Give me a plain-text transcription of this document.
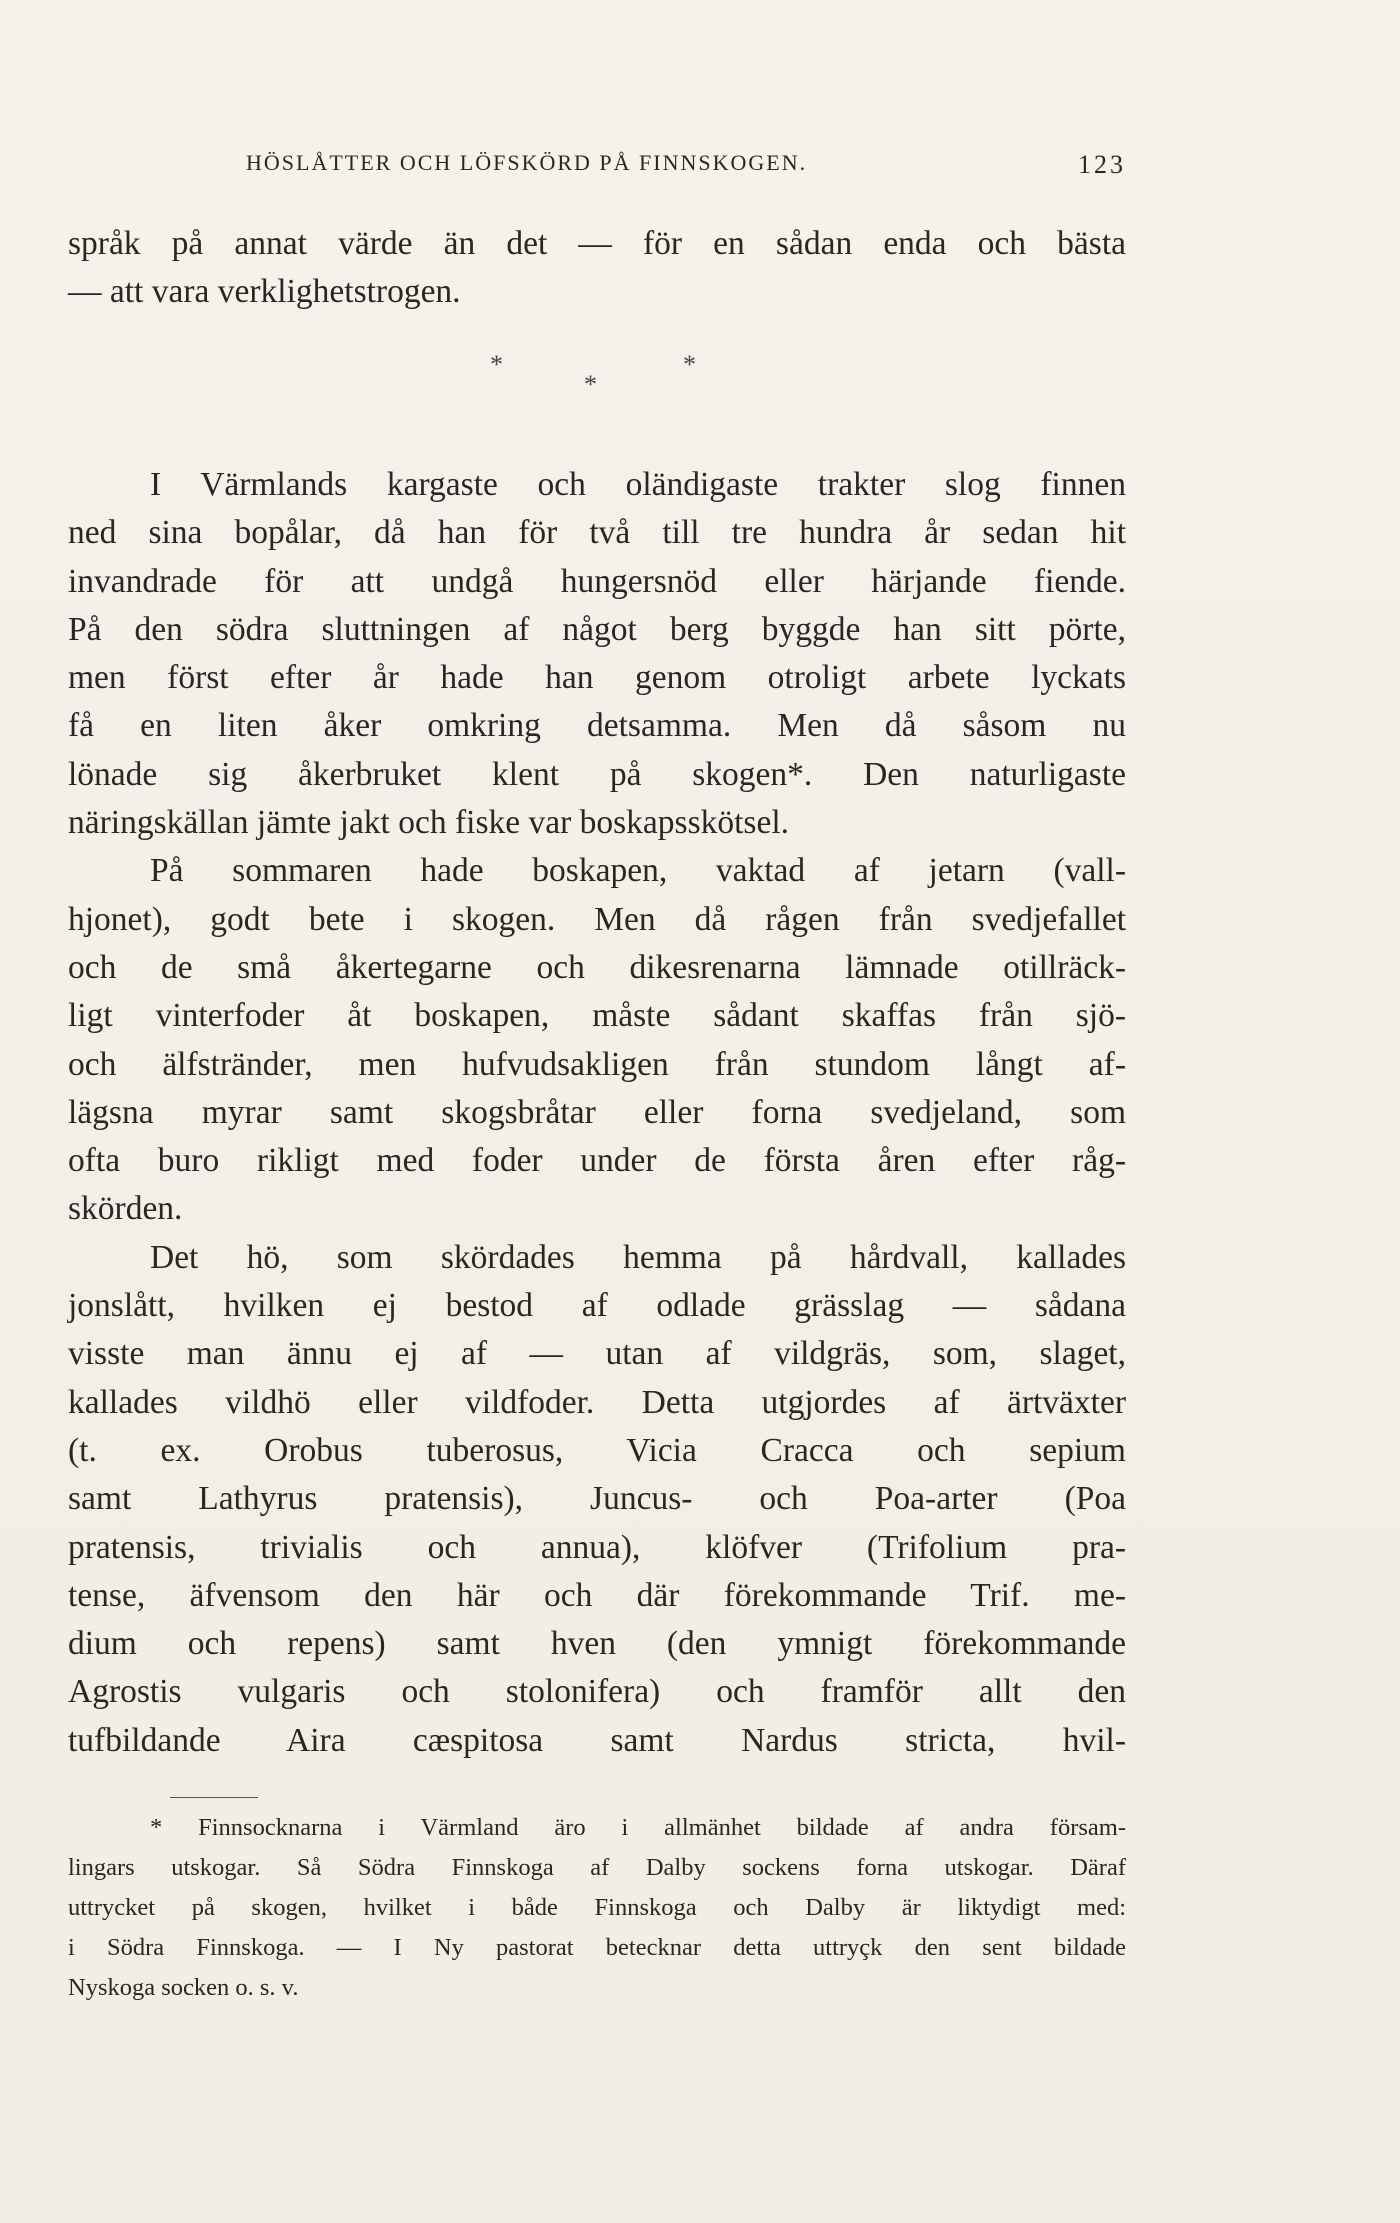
HÖSLÅTTER OCH LÖFSKÖRD PÅ FINNSKOGEN.	123
språk på annat värde än det — för en sådan enda och bästa
— att vara verklighetstrogen.
*
*
*
I Värmlands kargaste och oländigaste trakter slog finnen
ned sina bopålar, då han för två till tre hundra år sedan hit
invandrade för att undgå hungersnöd eller härjande fiende.
På den södra sluttningen af något berg byggde han sitt pörte,
men först efter år hade han genom otroligt arbete lyckats
få en liten åker omkring detsamma. Men då såsom nu
lönade sig åkerbruket klent på skogen*. Den naturligaste
näringskällan jämte jakt och fiske var boskapsskötsel.
På sommaren hade boskapen, vaktad af jetarn (vall-
hjonet), godt bete i skogen. Men då rågen från svedjefallet
och de små åkertegarne och dikesrenarna lämnade otillräck-
ligt vinterfoder åt boskapen, måste sådant skaffas från sjö-
och älfstränder, men hufvudsakligen från stundom långt af-
lägsna myrar samt skogsbråtar eller forna svedjeland, som
ofta buro rikligt med foder under de första åren efter råg-
skörden.
Det hö, som skördades hemma på hårdvall, kallades
jonslått, hvilken ej bestod af odlade grässlag — sådana
visste man ännu ej af — utan af vildgräs, som, slaget,
kallades vildhö eller vildfoder. Detta utgjordes af ärtväxter
(t. ex. Orobus tuberosus, Vicia Cracca och sepium
samt Lathyrus pratensis), Juncus- och Poa-arter (Poa
pratensis, trivialis och annua), klöfver (Trifolium pra-
tense, äfvensom den här och där förekommande Trif. me-
dium och repens) samt hven (den ymnigt förekommande
Agrostis vulgaris och stolonifera) och framför allt den
tufbildande Aira cæspitosa samt Nardus stricta, hvil-
* Finnsocknarna i Värmland äro i allmänhet bildade af andra försam-
lingars utskogar. Så Södra Finnskoga af Dalby sockens forna utskogar. Däraf
uttrycket på skogen, hvilket i både Finnskoga och Dalby är liktydigt med:
i Södra Finnskoga. — I Ny pastorat betecknar detta uttryçk den sent bildade
Nyskoga socken o. s. v.
